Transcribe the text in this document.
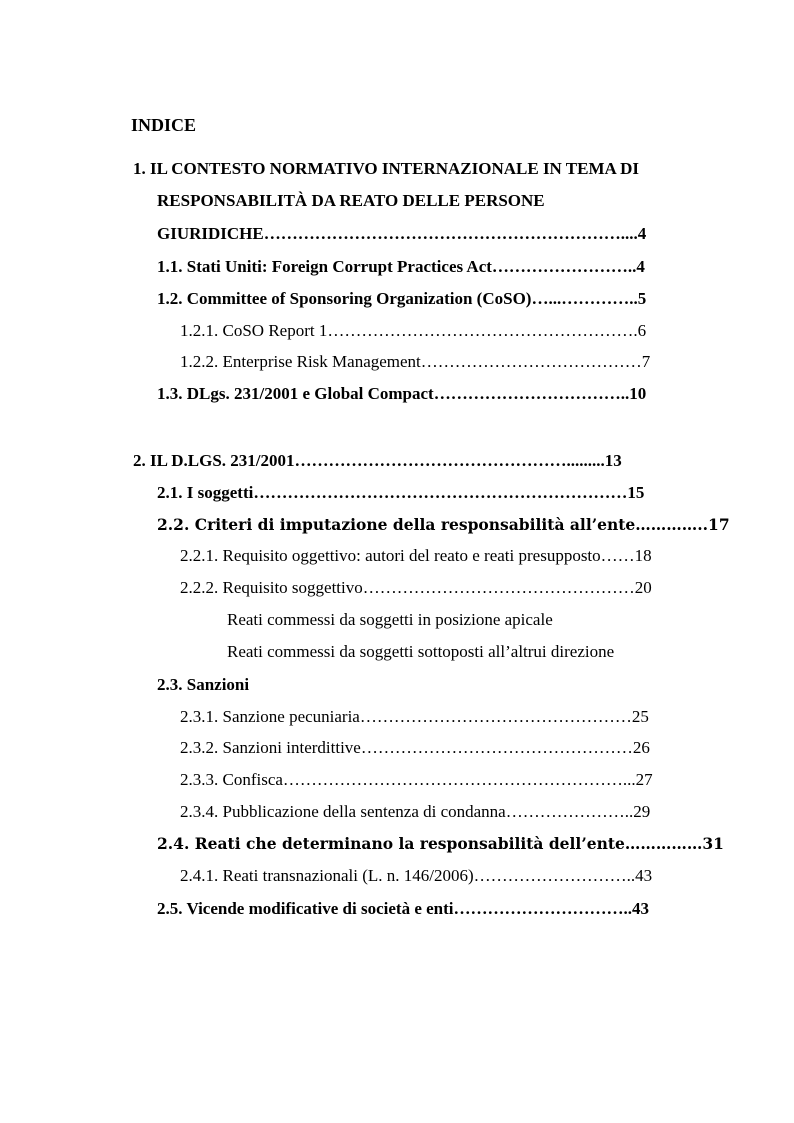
INDICE
1. IL CONTESTO NORMATIVO INTERNAZIONALE IN TEMA DI
RESPONSABILITÀ DA REATO DELLE PERSONE
GIURIDICHE………………………………………………………....4
1.1. Stati Uniti: Foreign Corrupt Practices Act……………………..4
1.2. Committee of Sponsoring Organization (CoSO)…...…………..5
1.2.1. CoSO Report 1……………………………………………….6
1.2.2. Enterprise Risk Management…………………………………7
1.3. DLgs. 231/2001 e Global Compact……………………………..10
2. IL D.LGS. 231/2001………………………………………….........13
2.1. I soggetti…………………………………………………………15
2.2. Criteri di imputazione della responsabilità all’ente…………..17
2.2.1. Requisito oggettivo: autori del reato e reati presupposto……18
2.2.2. Requisito soggettivo…………………………………………20
Reati commessi da soggetti in posizione apicale
Reati commessi da soggetti sottoposti all’altrui direzione
2.3. Sanzioni
2.3.1. Sanzione pecuniaria…………………………………………25
2.3.2. Sanzioni interdittive…………………………………………26
2.3.3. Confisca……………………………………………………...27
2.3.4. Pubblicazione della sentenza di condanna…………………..29
2.4. Reati che determinano la responsabilità dell’ente……………31
2.4.1. Reati transnazionali (L. n. 146/2006)………………………..43
2.5. Vicende modificative di società e enti…………………………..43
